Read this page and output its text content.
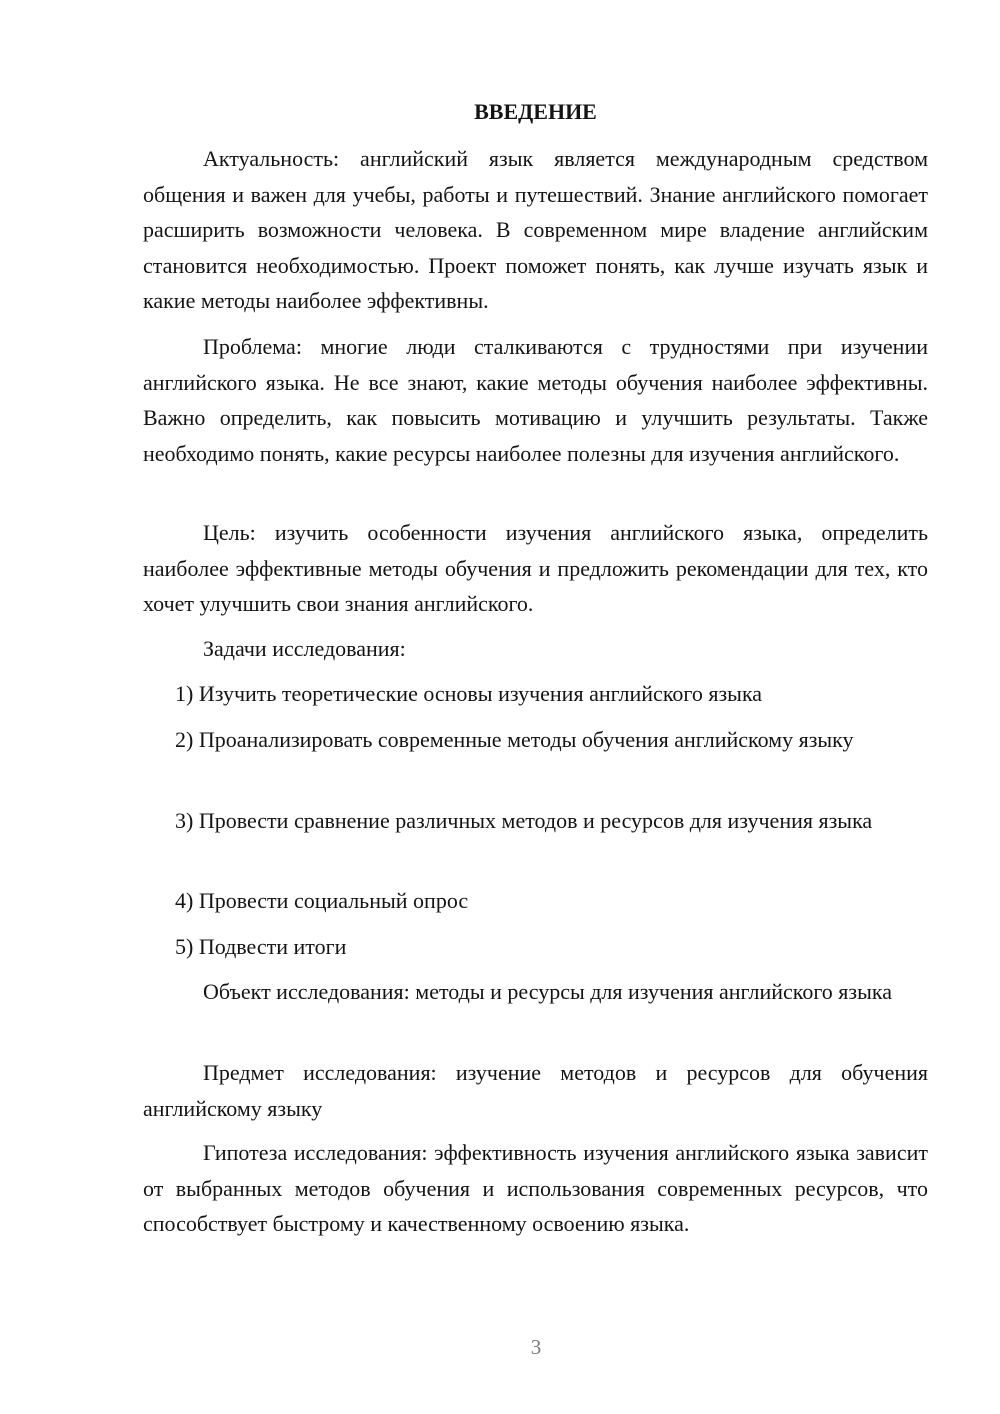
ВВЕДЕНИЕ

Актуальность: английский язык является международным средством общения и важен для учебы, работы и путешествий. Знание английского помогает расширить возможности человека. В современном мире владение английским становится необходимостью. Проект поможет понять, как лучше изучать язык и какие методы наиболее эффективны.

Проблема: многие люди сталкиваются с трудностями при изучении английского языка. Не все знают, какие методы обучения наиболее эффективны. Важно определить, как повысить мотивацию и улучшить результаты. Также необходимо понять, какие ресурсы наиболее полезны для изучения английского.

Цель: изучить особенности изучения английского языка, определить наиболее эффективные методы обучения и предложить рекомендации для тех, кто хочет улучшить свои знания английского.

Задачи исследования:

1) Изучить теоретические основы изучения английского языка

2) Проанализировать современные методы обучения английскому языку

3) Провести сравнение различных методов и ресурсов для изучения языка

4) Провести социальный опрос

5) Подвести итоги

Объект исследования: методы и ресурсы для изучения английского языка

Предмет исследования: изучение методов и ресурсов для обучения английскому языку

Гипотеза исследования: эффективность изучения английского языка зависит от выбранных методов обучения и использования современных ресурсов, что способствует быстрому и качественному освоению языка.

3
